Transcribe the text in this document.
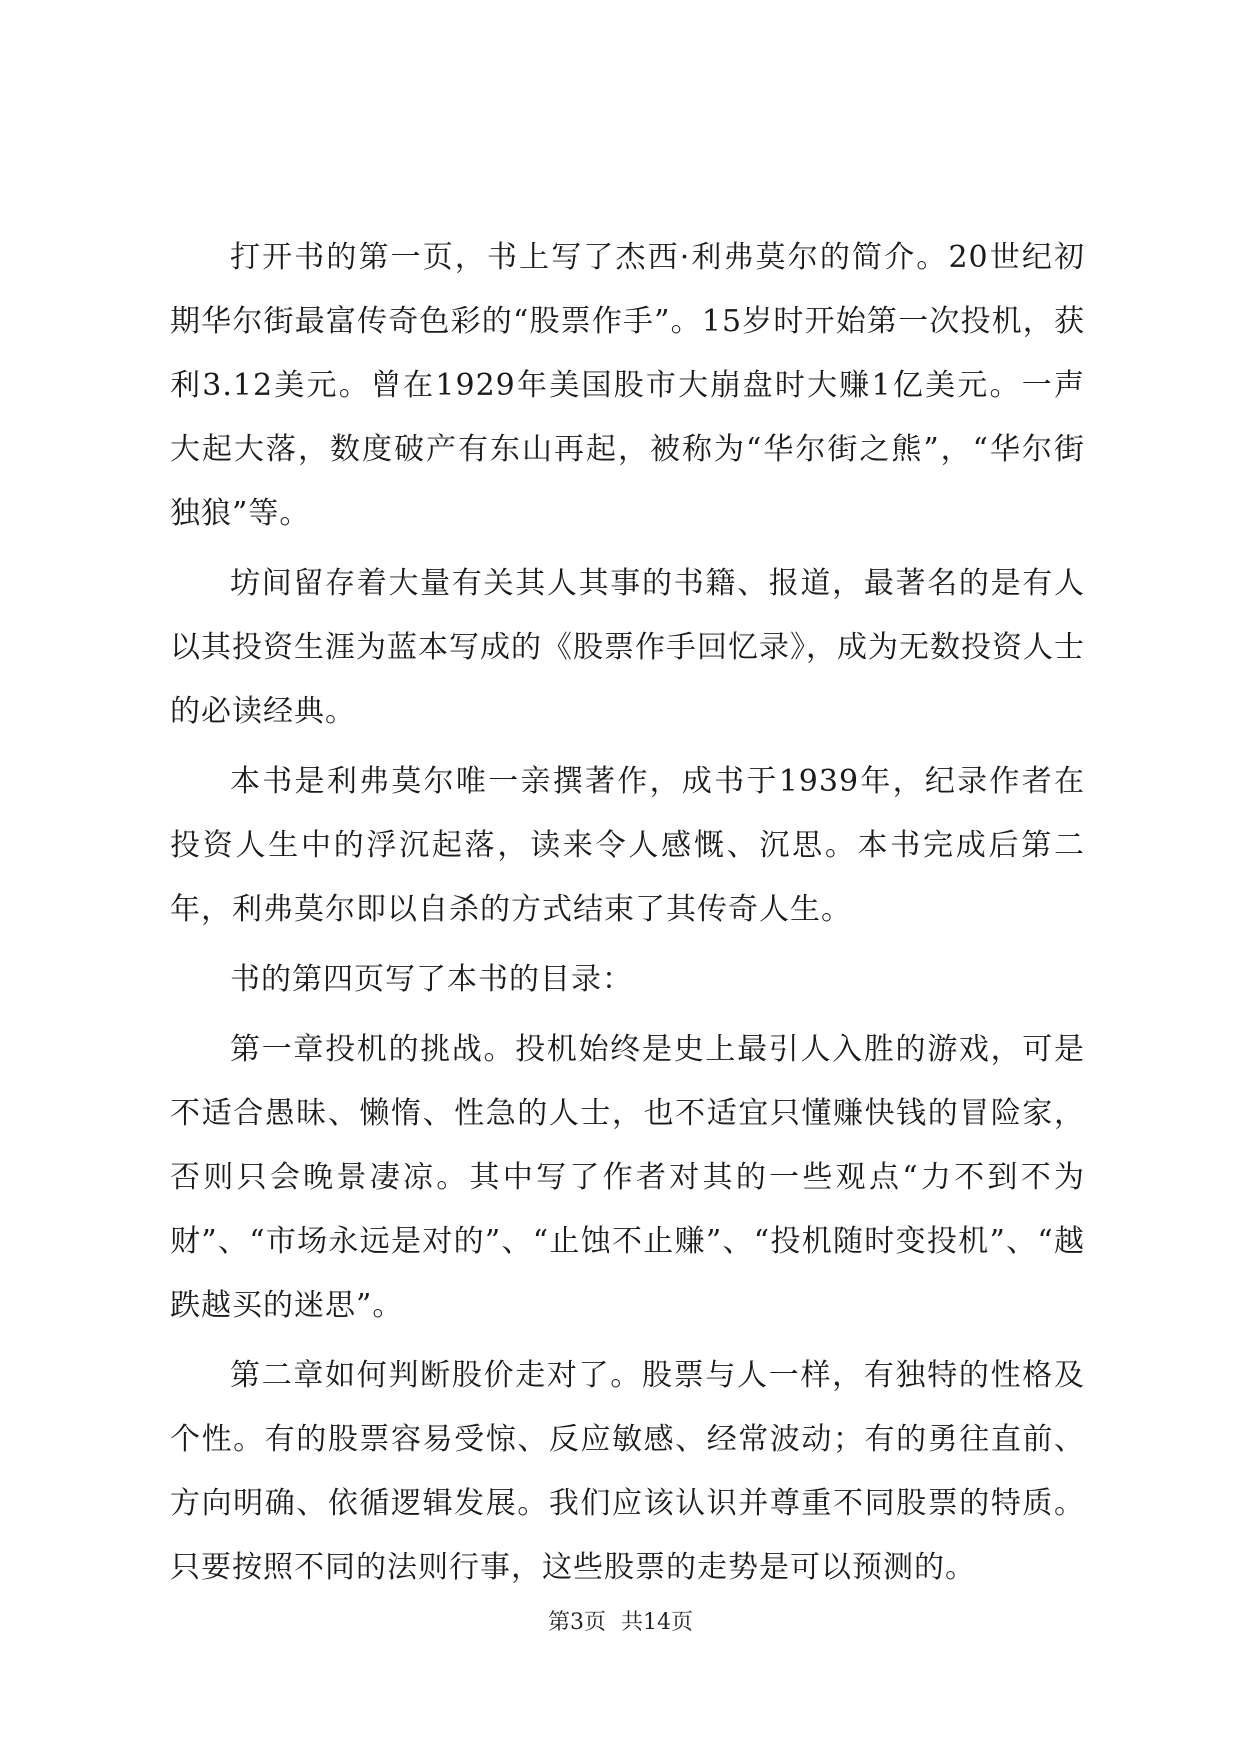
打开书的第一页，书上写了杰西·利弗莫尔的简介。20世纪初期华尔街最富传奇色彩的“股票作手”。15岁时开始第一次投机，获利3.12美元。曾在1929年美国股市大崩盘时大赚1亿美元。一声大起大落，数度破产有东山再起，被称为“华尔街之熊”，“华尔街独狼”等。

坊间留存着大量有关其人其事的书籍、报道，最著名的是有人以其投资生涯为蓝本写成的《股票作手回忆录》，成为无数投资人士的必读经典。

本书是利弗莫尔唯一亲撰著作，成书于1939年，纪录作者在投资人生中的浮沉起落，读来令人感慨、沉思。本书完成后第二年，利弗莫尔即以自杀的方式结束了其传奇人生。

书的第四页写了本书的目录：

第一章投机的挑战。投机始终是史上最引人入胜的游戏，可是不适合愚昧、懒惰、性急的人士，也不适宜只懂赚快钱的冒险家，否则只会晚景凄凉。其中写了作者对其的一些观点“力不到不为财”、“市场永远是对的”、“止蚀不止赚”、“投机随时变投机”、“越跌越买的迷思”。

第二章如何判断股价走对了。股票与人一样，有独特的性格及个性。有的股票容易受惊、反应敏感、经常波动；有的勇往直前、方向明确、依循逻辑发展。我们应该认识并尊重不同股票的特质。只要按照不同的法则行事，这些股票的走势是可以预测的。

第3页 共14页
